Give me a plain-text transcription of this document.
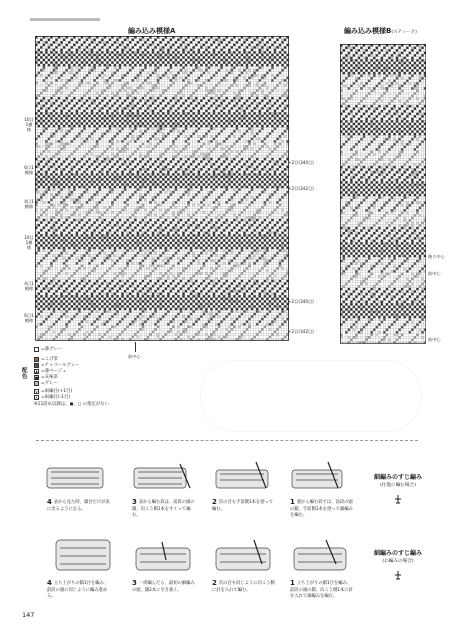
編み込み模様A
10目1模様
6目1模様
4目1模様
10目1模様
4目1模様
6目1模様
+2目(340目)
+2目(342目)
+2目(340目)
+2目(342目)
前中心
編み込み模様B(スティーク)
後ろ中心
前中心
前中心
=薄グレー
配色
=こげ茶
=チャコールグレー
▲ =薄ベージュ
● =灰味茶
=グレー
∨ =両編目(+1目)
∧ =両編目(-1目)
※11段め以降は、◼、◻ の指定がない
4 表から見た時、鎖目だけが表に出るようになる。
3 表から編む段は、前段の頭の鎖、向こう側1本をすくって編む。
2 次の目も手前側1本を拾って編む。
1 裏から編む段では、前段の頭の鎖、手前側1本を拾って細編みを編む。
4 立ち上がりの鎖1目を編み、前段の頭に同じように編み進める。
3 一周編んだら、最初の細編みの頭、鎖2本に引き抜く。
2 次の目も同じように向こう側に針を入れて編む。
1 立ち上がりの鎖1目を編み、前段の頭の鎖、向こう側1本に針を入れて細編みを編む。
細編みのすじ編み
(往復に編む場合)
細編みのすじ編み
(わ編みの場合)
147
